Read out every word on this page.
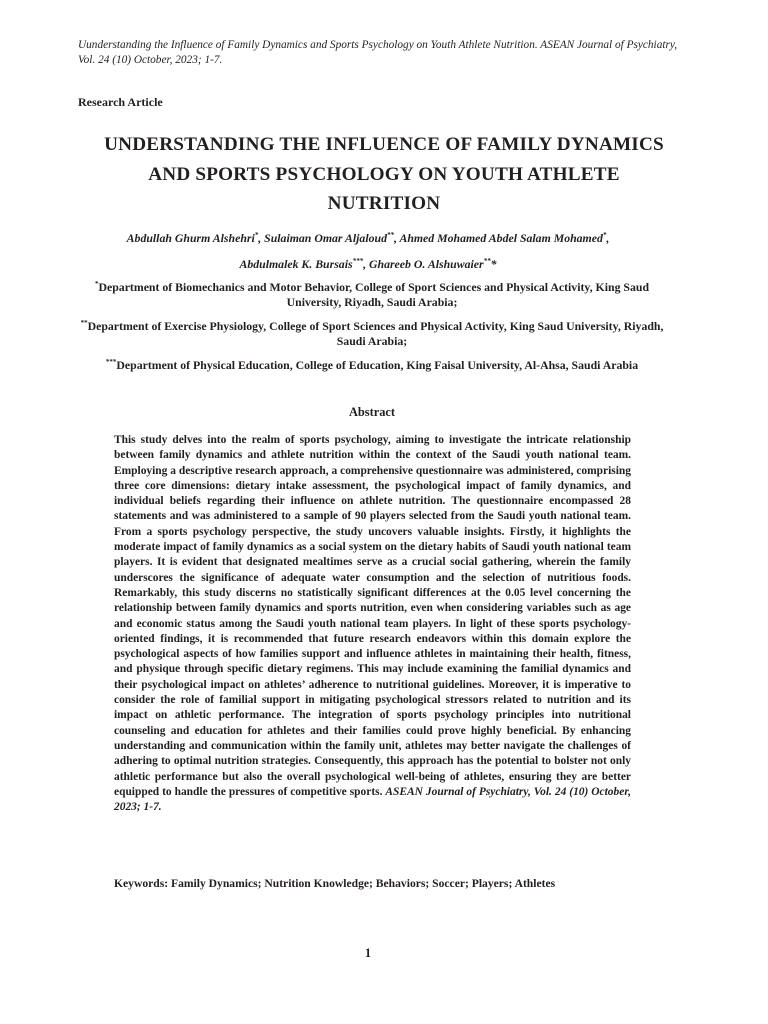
Uunderstanding the Influence of Family Dynamics and Sports Psychology on Youth Athlete Nutrition. ASEAN Journal of Psychiatry, Vol. 24 (10) October, 2023; 1-7.
Research Article
UNDERSTANDING THE INFLUENCE OF FAMILY DYNAMICS AND SPORTS PSYCHOLOGY ON YOUTH ATHLETE NUTRITION
Abdullah Ghurm Alshehri*, Sulaiman Omar Aljaloud**, Ahmed Mohamed Abdel Salam Mohamed*,
Abdulmalek K. Bursais***, Ghareeb O. Alshuwaier***
*Department of Biomechanics and Motor Behavior, College of Sport Sciences and Physical Activity, King Saud University, Riyadh, Saudi Arabia;
**Department of Exercise Physiology, College of Sport Sciences and Physical Activity, King Saud University, Riyadh, Saudi Arabia;
***Department of Physical Education, College of Education, King Faisal University, Al-Ahsa, Saudi Arabia
Abstract
This study delves into the realm of sports psychology, aiming to investigate the intricate relationship between family dynamics and athlete nutrition within the context of the Saudi youth national team. Employing a descriptive research approach, a comprehensive questionnaire was administered, comprising three core dimensions: dietary intake assessment, the psychological impact of family dynamics, and individual beliefs regarding their influence on athlete nutrition. The questionnaire encompassed 28 statements and was administered to a sample of 90 players selected from the Saudi youth national team. From a sports psychology perspective, the study uncovers valuable insights. Firstly, it highlights the moderate impact of family dynamics as a social system on the dietary habits of Saudi youth national team players. It is evident that designated mealtimes serve as a crucial social gathering, wherein the family underscores the significance of adequate water consumption and the selection of nutritious foods. Remarkably, this study discerns no statistically significant differences at the 0.05 level concerning the relationship between family dynamics and sports nutrition, even when considering variables such as age and economic status among the Saudi youth national team players. In light of these sports psychology-oriented findings, it is recommended that future research endeavors within this domain explore the psychological aspects of how families support and influence athletes in maintaining their health, fitness, and physique through specific dietary regimens. This may include examining the familial dynamics and their psychological impact on athletes’ adherence to nutritional guidelines. Moreover, it is imperative to consider the role of familial support in mitigating psychological stressors related to nutrition and its impact on athletic performance. The integration of sports psychology principles into nutritional counseling and education for athletes and their families could prove highly beneficial. By enhancing understanding and communication within the family unit, athletes may better navigate the challenges of adhering to optimal nutrition strategies. Consequently, this approach has the potential to bolster not only athletic performance but also the overall psychological well-being of athletes, ensuring they are better equipped to handle the pressures of competitive sports. ASEAN Journal of Psychiatry, Vol. 24 (10) October, 2023; 1-7.
Keywords: Family Dynamics; Nutrition Knowledge; Behaviors; Soccer; Players; Athletes
1
